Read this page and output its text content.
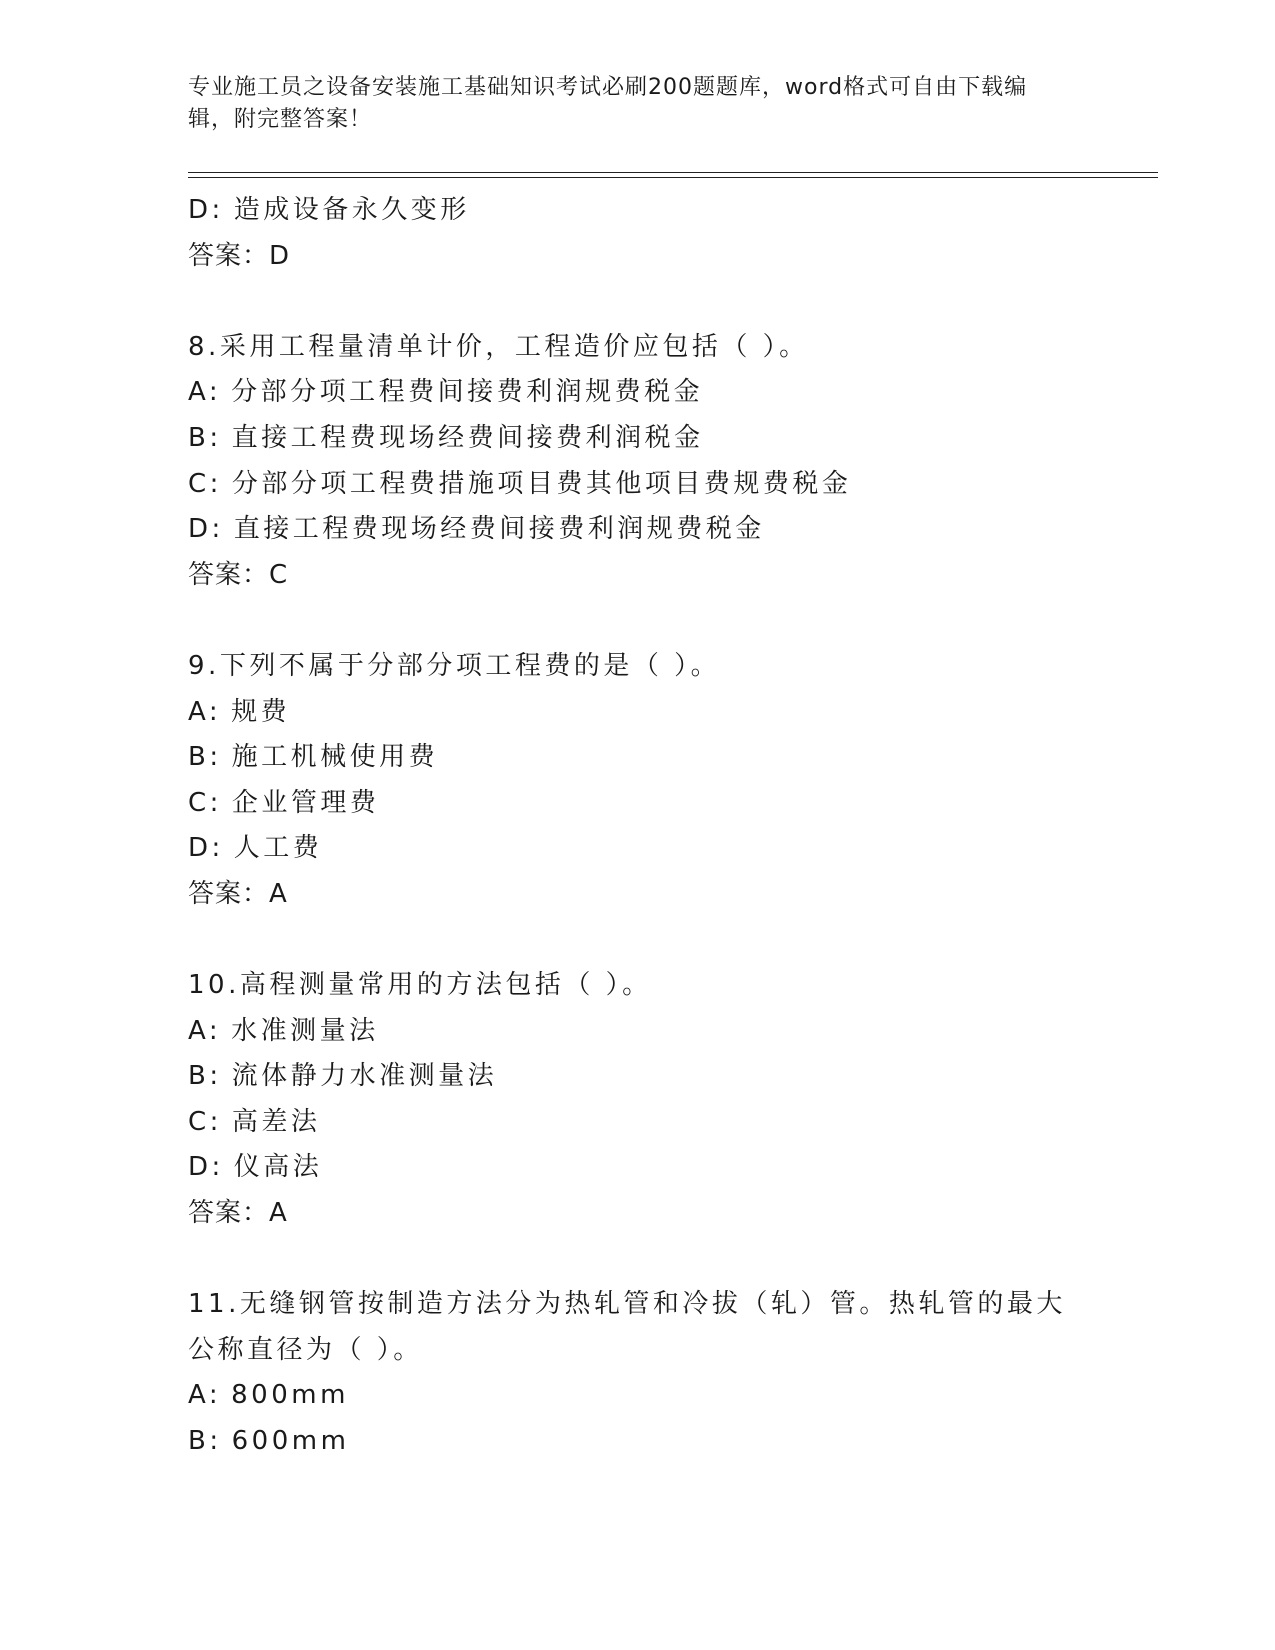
专业施工员之设备安装施工基础知识考试必刷200题题库，word格式可自由下载编辑，附完整答案！
D: 造成设备永久变形
答案：D
8.采用工程量清单计价，工程造价应包括（ ）。
A: 分部分项工程费间接费利润规费税金
B: 直接工程费现场经费间接费利润税金
C: 分部分项工程费措施项目费其他项目费规费税金
D: 直接工程费现场经费间接费利润规费税金
答案：C
9.下列不属于分部分项工程费的是（ ）。
A: 规费
B: 施工机械使用费
C: 企业管理费
D: 人工费
答案：A
10.高程测量常用的方法包括（ ）。
A: 水准测量法
B: 流体静力水准测量法
C: 高差法
D: 仪高法
答案：A
11.无缝钢管按制造方法分为热轧管和冷拔（轧）管。热轧管的最大公称直径为（ ）。
A: 800mm
B: 600mm
